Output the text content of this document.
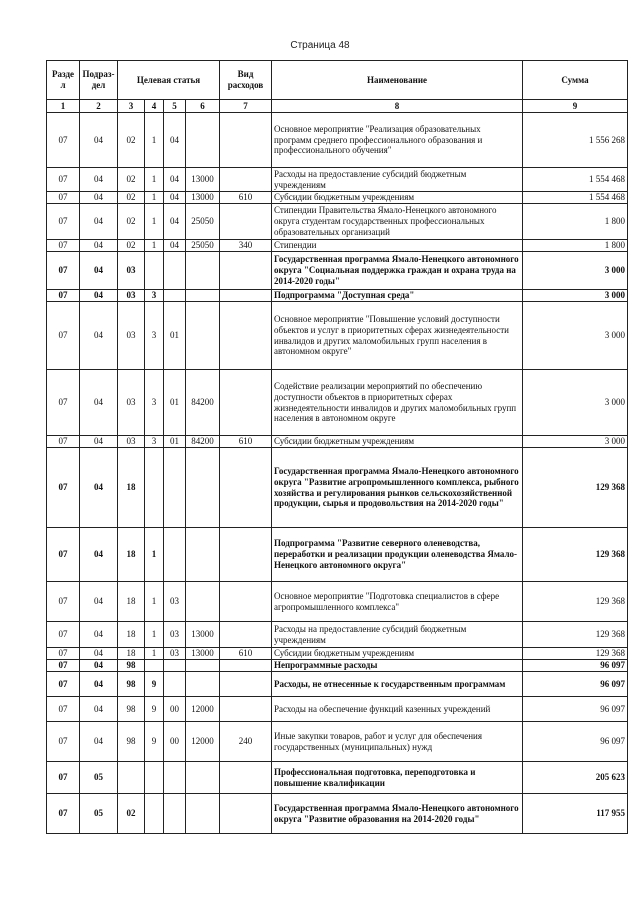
Страница 48
Разде л	Подраз- дел	Целевая статья				Вид расходов	Наименование	Сумма
1	2	3	4	5	6	7	8	9
07	04	02	1	04			Основное мероприятие "Реализация образовательных программ среднего профессионального образования и профессионального обучения"	1 556 268
07	04	02	1	04	13000		Расходы на предоставление субсидий бюджетным учреждениям	1 554 468
07	04	02	1	04	13000	610	Субсидии бюджетным учреждениям	1 554 468
07	04	02	1	04	25050		Стипендии Правительства Ямало-Ненецкого автономного округа студентам государственных профессиональных образовательных организаций	1 800
07	04	02	1	04	25050	340	Стипендии	1 800
07	04	03					Государственная программа Ямало-Ненецкого автономного округа "Социальная поддержка граждан и охрана труда на 2014-2020 годы"	3 000
07	04	03	3				Подпрограмма "Доступная среда"	3 000
07	04	03	3	01			Основное мероприятие "Повышение условий доступности объектов и услуг в приоритетных сферах жизнедеятельности инвалидов и других маломобильных групп населения в автономном округе"	3 000
07	04	03	3	01	84200		Содействие реализации мероприятий по обеспечению доступности объектов в приоритетных сферах жизнедеятельности инвалидов и других маломобильных групп населения в автономном округе	3 000
07	04	03	3	01	84200	610	Субсидии бюджетным учреждениям	3 000
07	04	18					Государственная программа Ямало-Ненецкого автономного округа "Развитие агропромышленного комплекса, рыбного хозяйства и регулирования рынков сельскохозяйственной продукции, сырья и продовольствия на 2014-2020 годы"	129 368
07	04	18	1				Подпрограмма "Развитие северного оленеводства, переработки и реализации продукции оленеводства Ямало-Ненецкого автономного округа"	129 368
07	04	18	1	03			Основное мероприятие "Подготовка специалистов в сфере агропромышленного комплекса"	129 368
07	04	18	1	03	13000		Расходы на предоставление субсидий бюджетным учреждениям	129 368
07	04	18	1	03	13000	610	Субсидии бюджетным учреждениям	129 368
07	04	98					Непрограммные расходы	96 097
07	04	98	9				Расходы, не отнесенные к государственным программам	96 097
07	04	98	9	00	12000		Расходы на обеспечение функций казенных учреждений	96 097
07	04	98	9	00	12000	240	Иные закупки товаров, работ и услуг для обеспечения государственных (муниципальных) нужд	96 097
07	05						Профессиональная подготовка, переподготовка и повышение квалификации	205 623
07	05	02					Государственная программа Ямало-Ненецкого автономного округа "Развитие образования на 2014-2020 годы"	117 955
